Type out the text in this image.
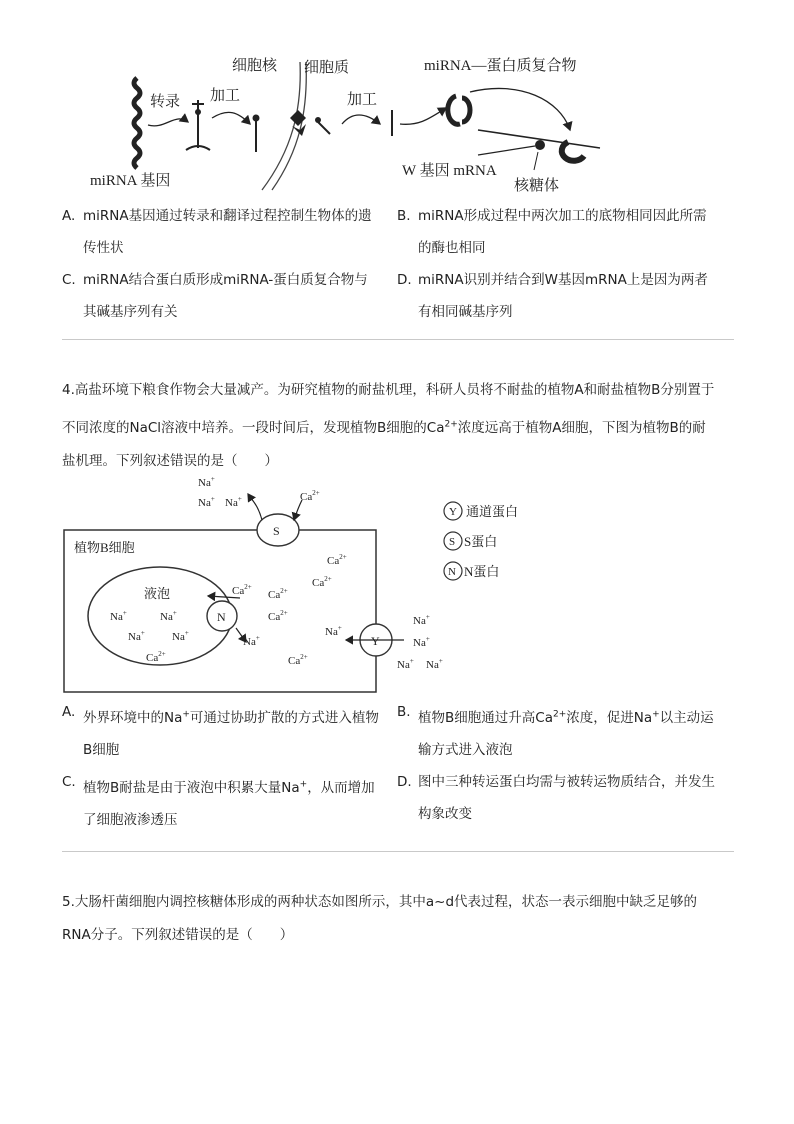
细胞核 细胞质	miRNA—蛋白质复合物
转录 加工	加工
miRNA 基因
W 基因 mRNA
核糖体
A. miRNA基因通过转录和翻译过程控制生物体的遗
传性状
B. miRNA形成过程中两次加工的底物相同因此所需
的酶也相同
C. miRNA结合蛋白质形成miRNA-蛋白质复合物与
其碱基序列有关
D. miRNA识别并结合到W基因mRNA上是因为两者
有相同碱基序列
4.高盐环境下粮食作物会大量减产。为研究植物的耐盐机理，科研人员将不耐盐的植物A和耐盐植物B分别置于
不同浓度的NaCl溶液中培养。一段时间后，发现植物B细胞的$Ca^{2+}$浓度远高于植物A细胞，下图为植物B的耐
盐机理。下列叙述错误的是（　　）
植物B细胞
液泡
S
N
Y
Na+
Na+ Na+	$Ca^{2+}$
$Ca^{2+}$
$Ca^{2+}$
$Ca^{2+}$
$Ca^{2+}$
$Ca^{2+}$
Na+	Na+
Na+ Na+
$Ca^{2+}$
Na+	Na+
$Ca^{2+}$
Na+
Na+
Na+ Na+
Y 通道蛋白
S S蛋白
N N蛋白
A. 外界环境中的Na+可通过协助扩散的方式进入植物
B细胞
B. 植物B细胞通过升高$Ca^{2+}$浓度，促进Na+以主动运
输方式进入液泡
C. 植物B耐盐是由于液泡中积累大量Na+，从而增加
了细胞液渗透压
D. 图中三种转运蛋白均需与被转运物质结合，并发生
构象改变
5.大肠杆菌细胞内调控核糖体形成的两种状态如图所示，其中a~d代表过程，状态一表示细胞中缺乏足够的
RNA分子。下列叙述错误的是（　　）
